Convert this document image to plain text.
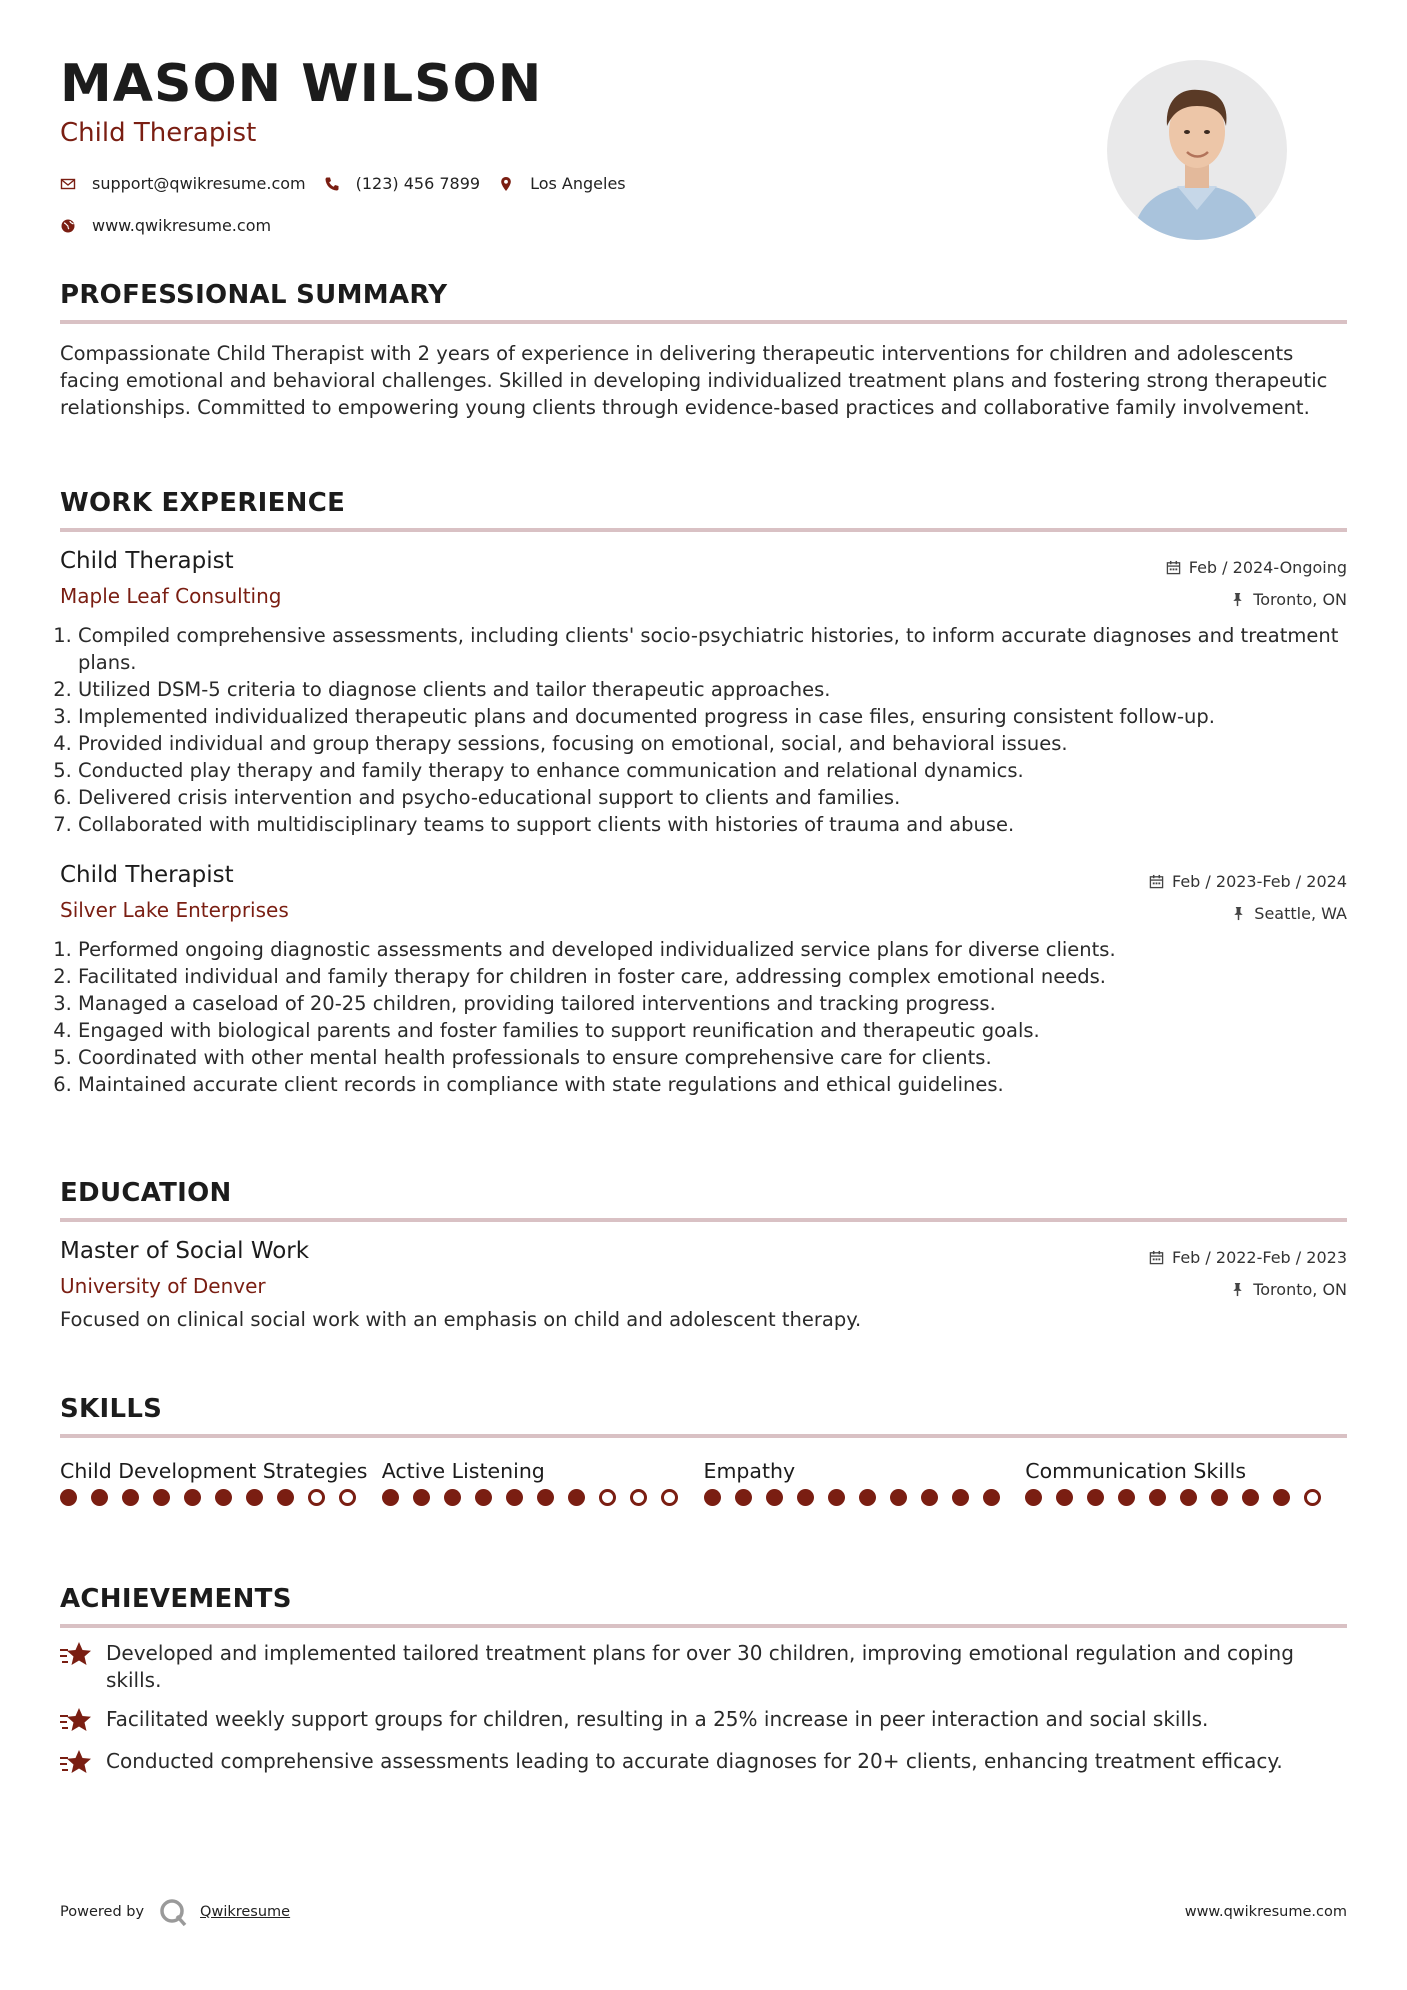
MASON WILSON
Child Therapist
support@qwikresume.com	(123) 456 7899	Los Angeles
www.qwikresume.com
PROFESSIONAL SUMMARY

Compassionate Child Therapist with 2 years of experience in delivering therapeutic interventions for children and adolescents facing emotional and behavioral challenges. Skilled in developing individualized treatment plans and fostering strong therapeutic relationships. Committed to empowering young clients through evidence-based practices and collaborative family involvement.

WORK EXPERIENCE
Child Therapist
Maple Leaf Consulting
Feb / 2024-Ongoing
Toronto, ON
1. Compiled comprehensive assessments, including clients' socio-psychiatric histories, to inform accurate diagnoses and treatment plans.
2. Utilized DSM-5 criteria to diagnose clients and tailor therapeutic approaches.
3. Implemented individualized therapeutic plans and documented progress in case files, ensuring consistent follow-up.
4. Provided individual and group therapy sessions, focusing on emotional, social, and behavioral issues.
5. Conducted play therapy and family therapy to enhance communication and relational dynamics.
6. Delivered crisis intervention and psycho-educational support to clients and families.
7. Collaborated with multidisciplinary teams to support clients with histories of trauma and abuse.
Child Therapist
Silver Lake Enterprises
Feb / 2023-Feb / 2024
Seattle, WA
1. Performed ongoing diagnostic assessments and developed individualized service plans for diverse clients.
2. Facilitated individual and family therapy for children in foster care, addressing complex emotional needs.
3. Managed a caseload of 20-25 children, providing tailored interventions and tracking progress.
4. Engaged with biological parents and foster families to support reunification and therapeutic goals.
5. Coordinated with other mental health professionals to ensure comprehensive care for clients.
6. Maintained accurate client records in compliance with state regulations and ethical guidelines.
EDUCATION
Master of Social Work
University of Denver
Feb / 2022-Feb / 2023
Toronto, ON

Focused on clinical social work with an emphasis on child and adolescent therapy.

SKILLS
Child Development Strategies Active Listening	Empathy	Communication Skills
ACHIEVEMENTS
Developed and implemented tailored treatment plans for over 30 children, improving emotional regulation and coping skills.
Facilitated weekly support groups for children, resulting in a 25% increase in peer interaction and social skills.
Conducted comprehensive assessments leading to accurate diagnoses for 20+ clients, enhancing treatment efficacy.
Powered by	Qwikresume	www.qwikresume.com
